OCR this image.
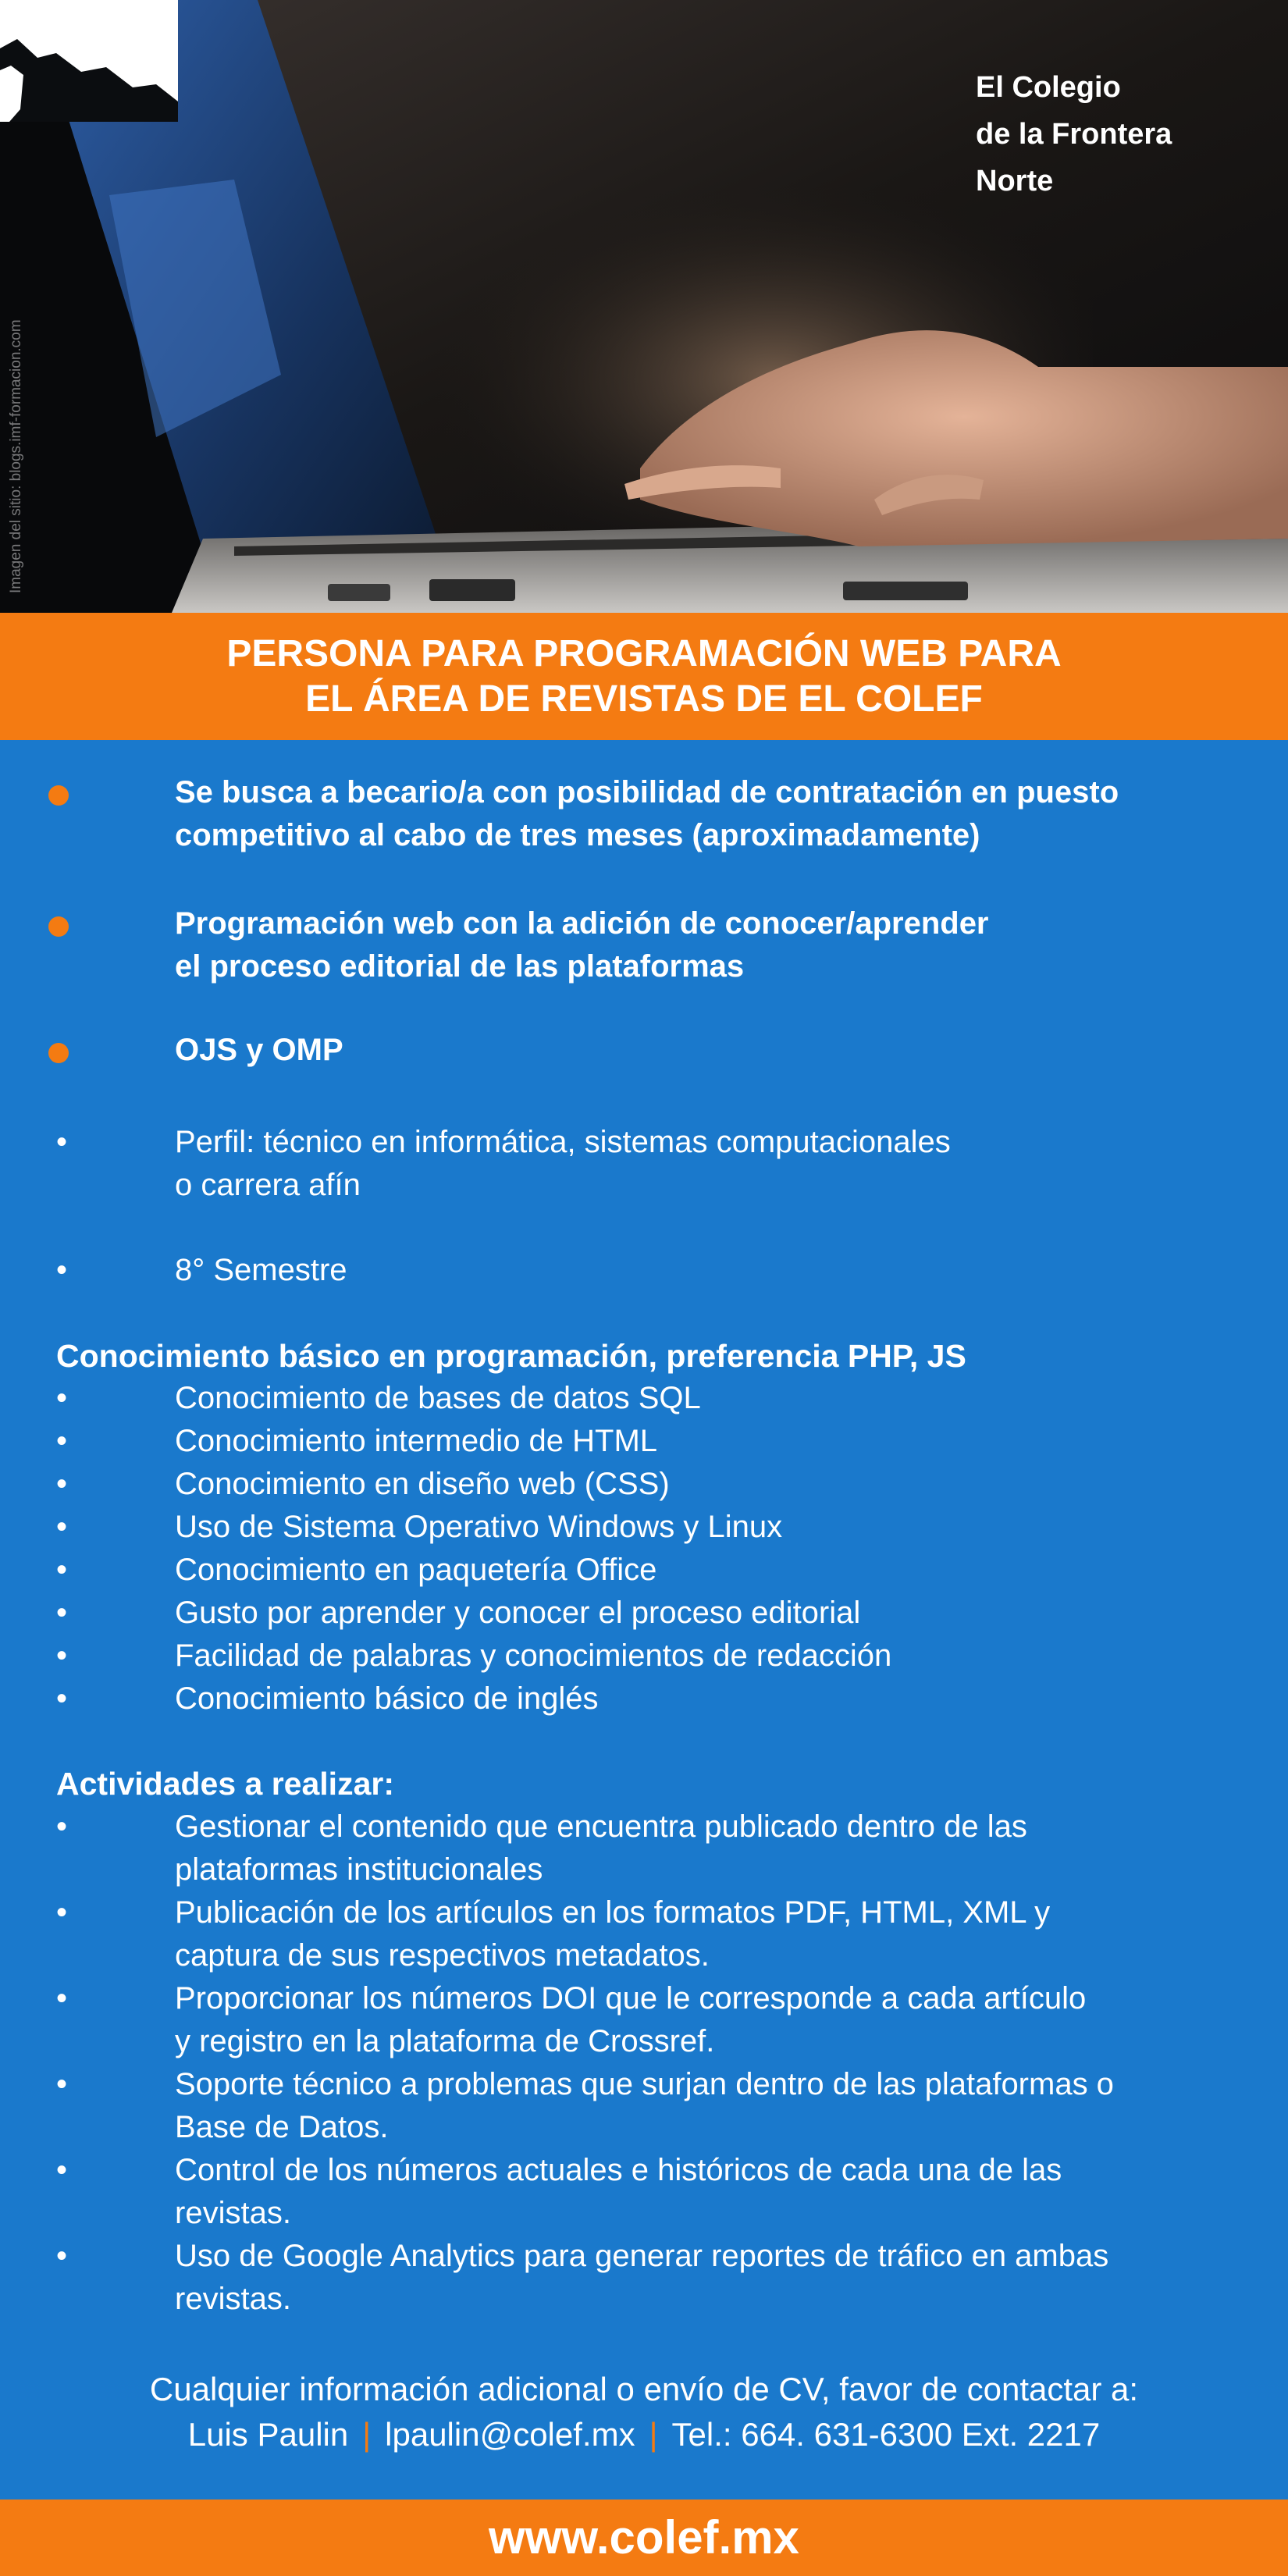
Imagen del sitio: blogs.imf-formacion.com
El Colegio
de la Frontera
Norte
PERSONA PARA PROGRAMACIÓN WEB PARA
EL ÁREA DE REVISTAS DE EL COLEF
Se busca a becario/a con posibilidad de contratación en puesto
competitivo al cabo de tres meses (aproximadamente)
Programación web con la adición de conocer/aprender
el proceso editorial de las plataformas
OJS y OMP
•	Perfil: técnico en informática, sistemas computacionales
o carrera afín
•	8° Semestre
Conocimiento básico en programación, preferencia PHP, JS
•	Conocimiento de bases de datos SQL
•	Conocimiento intermedio de HTML
•	Conocimiento en diseño web (CSS)
•	Uso de Sistema Operativo Windows y Linux
•	Conocimiento en paquetería Office
•	Gusto por aprender y conocer el proceso editorial
•	Facilidad de palabras y conocimientos de redacción
•	Conocimiento básico de inglés
Actividades a realizar:
•	Gestionar el contenido que encuentra publicado dentro de las
plataformas institucionales
•	Publicación de los artículos en los formatos PDF, HTML, XML y
captura de sus respectivos metadatos.
•	Proporcionar los números DOI que le corresponde a cada artículo
y registro en la plataforma de Crossref.
•	Soporte técnico a problemas que surjan dentro de las plataformas o
Base de Datos.
•	Control de los números actuales e históricos de cada una de las
revistas.
•	Uso de Google Analytics para generar reportes de tráfico en ambas
revistas.
Cualquier información adicional o envío de CV, favor de contactar a:
Luis Paulin | lpaulin@colef.mx | Tel.: 664. 631-6300 Ext. 2217
www.colef.mx
